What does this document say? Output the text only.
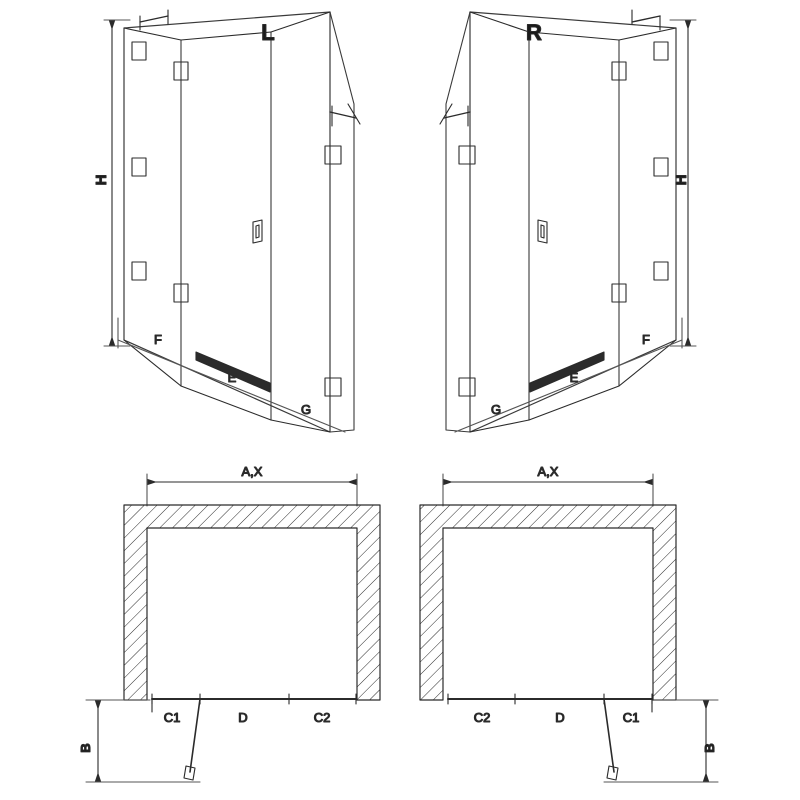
L
H
F
E
G
R
H
F
E
G
A,X
B
C1	D	C2
A,X
B
C2	D	C1
